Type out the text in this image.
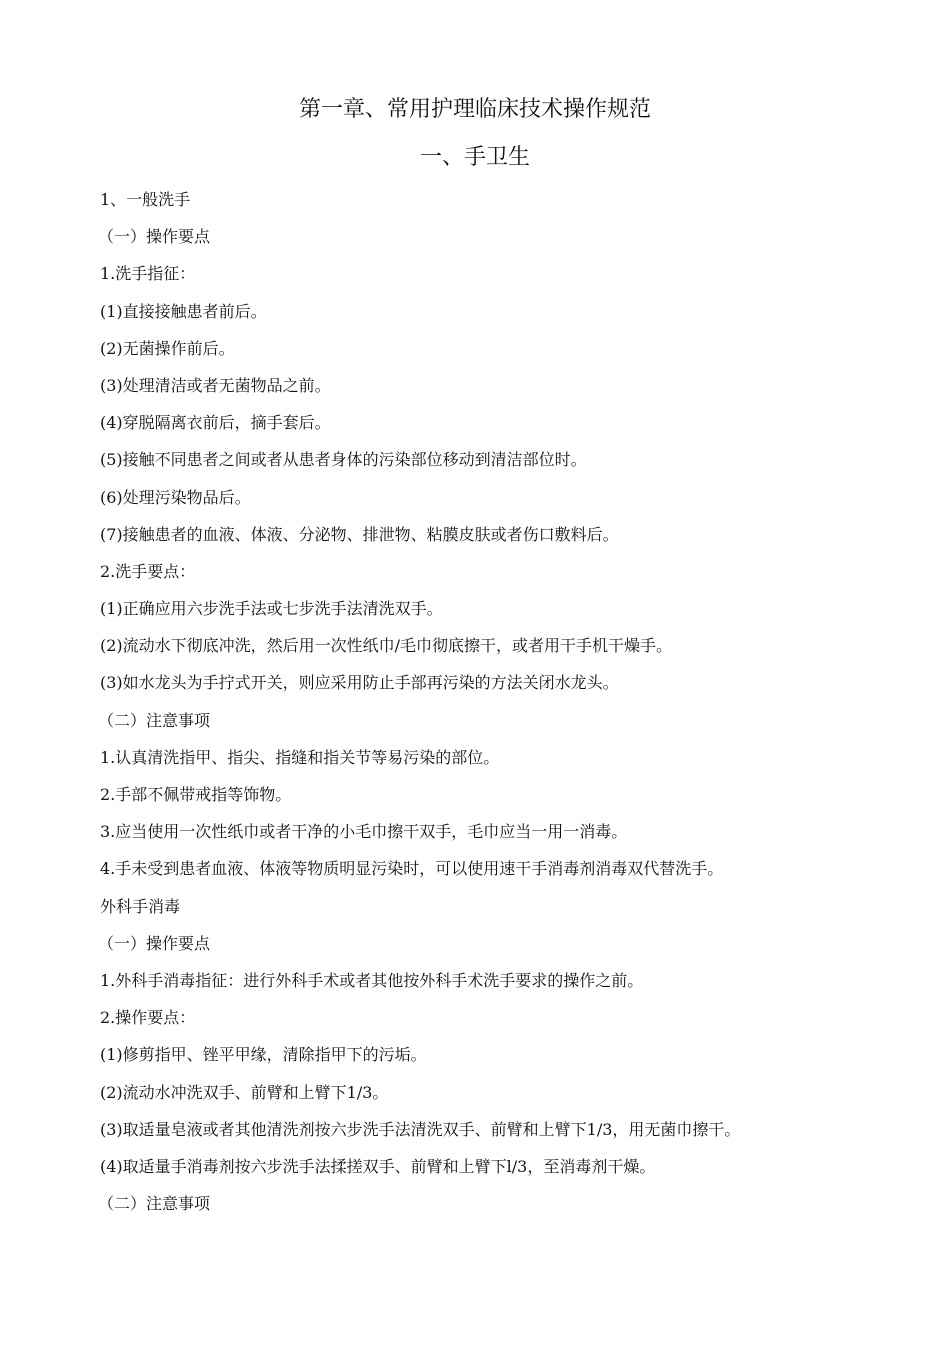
第一章、常用护理临床技术操作规范
一、手卫生
1、一般洗手
（一）操作要点
1.洗手指征：
(1)直接接触患者前后。
(2)无菌操作前后。
(3)处理清洁或者无菌物品之前。
(4)穿脱隔离衣前后，摘手套后。
(5)接触不同患者之间或者从患者身体的污染部位移动到清洁部位时。
(6)处理污染物品后。
(7)接触患者的血液、体液、分泌物、排泄物、粘膜皮肤或者伤口敷料后。
2.洗手要点：
(1)正确应用六步洗手法或七步洗手法清洗双手。
(2)流动水下彻底冲洗，然后用一次性纸巾/毛巾彻底擦干，或者用干手机干燥手。
(3)如水龙头为手拧式开关，则应采用防止手部再污染的方法关闭水龙头。
（二）注意事项
1.认真清洗指甲、指尖、指缝和指关节等易污染的部位。
2.手部不佩带戒指等饰物。
3.应当使用一次性纸巾或者干净的小毛巾擦干双手，毛巾应当一用一消毒。
4.手未受到患者血液、体液等物质明显污染时，可以使用速干手消毒剂消毒双代替洗手。
外科手消毒
（一）操作要点
1.外科手消毒指征：进行外科手术或者其他按外科手术洗手要求的操作之前。
2.操作要点：
(1)修剪指甲、锉平甲缘，清除指甲下的污垢。
(2)流动水冲洗双手、前臂和上臂下1/3。
(3)取适量皂液或者其他清洗剂按六步洗手法清洗双手、前臂和上臂下1/3，用无菌巾擦干。
(4)取适量手消毒剂按六步洗手法揉搓双手、前臂和上臂下l/3，至消毒剂干燥。
（二）注意事项
